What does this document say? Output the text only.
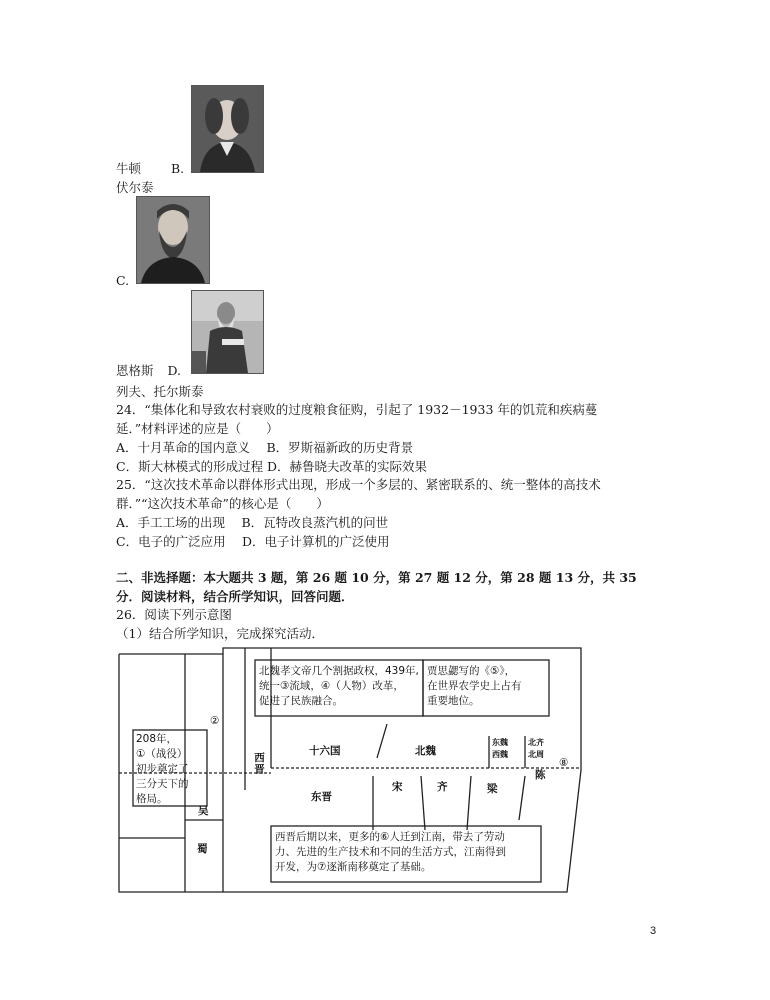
牛顿 B.
伏尔泰
C.
恩格斯 D.
列夫、托尔斯泰
24．“集体化和导致农村衰败的过度粮食征购，引起了 1932－1933 年的饥荒和疾病蔓
延．”材料评述的应是（　　）
A．十月革命的国内意义　 B．罗斯福新政的历史背景
C．斯大林模式的形成过程 D．赫鲁晓夫改革的实际效果
25．“这次技术革命以群体形式出现，形成一个多层的、紧密联系的、统一整体的高技术
群．”“这次技术革命”的核心是（　　）
A．手工工场的出现　 B．瓦特改良蒸汽机的问世
C．电子的广泛应用　 D．电子计算机的广泛使用
二、非选择题：本大题共 3 题，第 26 题 10 分，第 27 题 12 分，第 28 题 13 分，共 35
分．阅读材料，结合所学知识，回答问题．
26．阅读下列示意图
（1）结合所学知识，完成探究活动．
②
⑧
北魏孝文帝几个割据政权，439年,
统一③流域，④（人物）改革，
促进了民族融合。
贾思勰写的《⑤》，
在世界农学史上占有
重要地位。
208年，
①（战役）
初步奠定了
三分天下的
格局。
西晋后期以来，更多的⑥人迁到江南，带去了劳动
力、先进的生产技术和不同的生活方式，江南得到
开发，为⑦逐渐南移奠定了基础。
西晋
十六国	北魏
东魏
西魏
北齐
北周
东晋
宋	齐	梁
陈
吴
蜀
3
